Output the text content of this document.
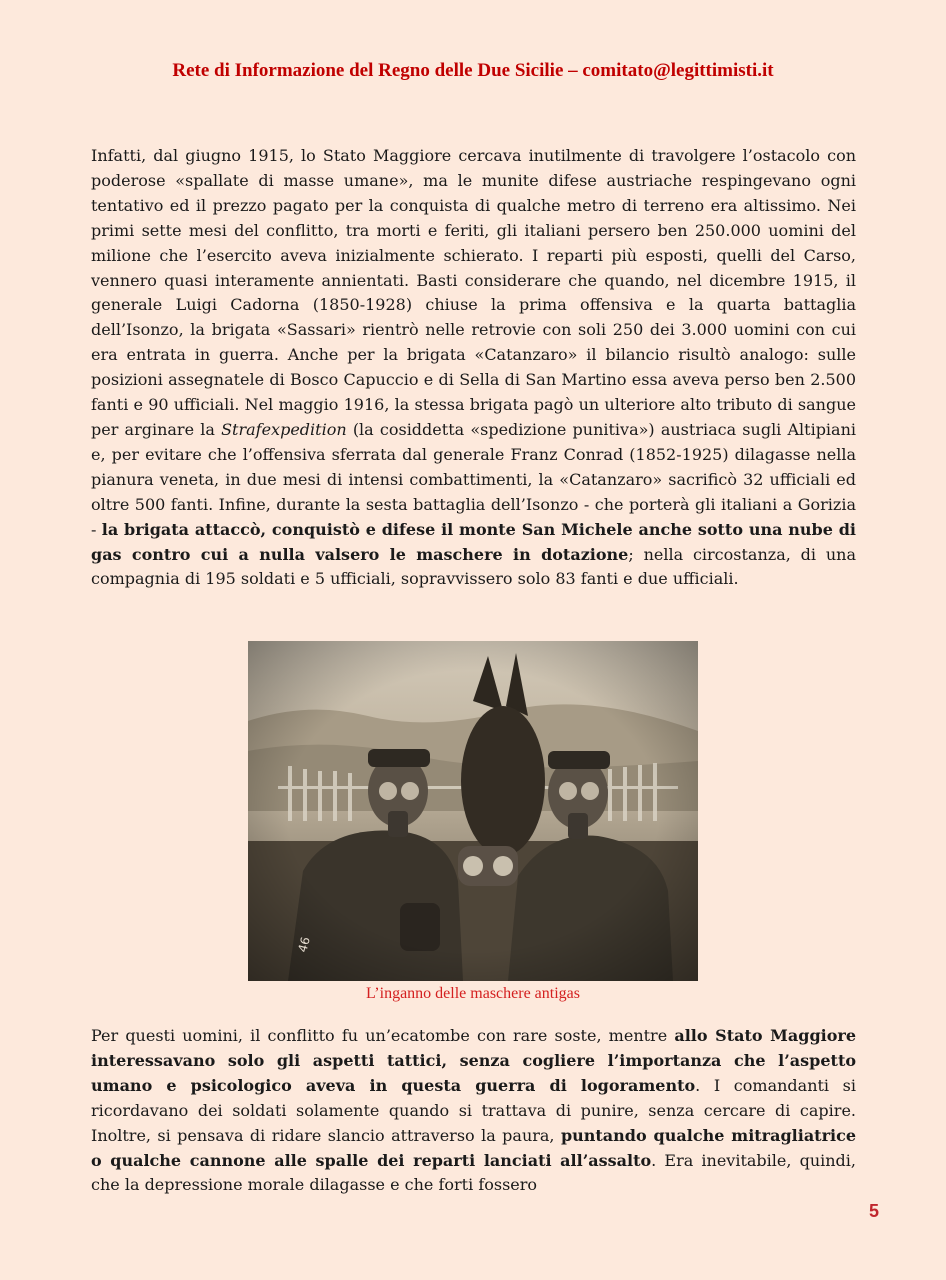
Rete di Informazione del Regno delle Due Sicilie – comitato@legittimisti.it

Infatti, dal giugno 1915, lo Stato Maggiore cercava inutilmente di travolgere l’ostacolo con poderose «spallate di masse umane», ma le munite difese austriache respingevano ogni tentativo ed il prezzo pagato per la conquista di qualche metro di terreno era altissimo. Nei primi sette mesi del conflitto, tra morti e feriti, gli italiani persero ben 250.000 uomini del milione che l’esercito aveva inizialmente schierato. I reparti più esposti, quelli del Carso, vennero quasi interamente annientati. Basti considerare che quando, nel dicembre 1915, il generale Luigi Cadorna (1850-1928) chiuse la prima offensiva e la quarta battaglia dell’Isonzo, la brigata «Sassari» rientrò nelle retrovie con soli 250 dei 3.000 uomini con cui era entrata in guerra. Anche per la brigata «Catanzaro» il bilancio risultò analogo: sulle posizioni assegnatele di Bosco Capuccio e di Sella di San Martino essa aveva perso ben 2.500 fanti e 90 ufficiali. Nel maggio 1916, la stessa brigata pagò un ulteriore alto tributo di sangue per arginare la Strafexpedition (la cosiddetta «spedizione punitiva») austriaca sugli Altipiani e, per evitare che l’offensiva sferrata dal generale Franz Conrad (1852-1925) dilagasse nella pianura veneta, in due mesi di intensi combattimenti, la «Catanzaro» sacrificò 32 ufficiali ed oltre 500 fanti. Infine, durante la sesta battaglia dell’Isonzo - che porterà gli italiani a Gorizia - la brigata attaccò, conquistò e difese il monte San Michele anche sotto una nube di gas contro cui a nulla valsero le maschere in dotazione; nella circostanza, di una compagnia di 195 soldati e 5 ufficiali, sopravvissero solo 83 fanti e due ufficiali.

46
L’inganno delle maschere antigas

Per questi uomini, il conflitto fu un’ecatombe con rare soste, mentre allo Stato Maggiore interessavano solo gli aspetti tattici, senza cogliere l’importanza che l’aspetto umano e psicologico aveva in questa guerra di logoramento. I comandanti si ricordavano dei soldati solamente quando si trattava di punire, senza cercare di capire. Inoltre, si pensava di ridare slancio attraverso la paura, puntando qualche mitragliatrice o qualche cannone alle spalle dei reparti lanciati all’assalto. Era inevitabile, quindi, che la depressione morale dilagasse e che forti fossero

5
